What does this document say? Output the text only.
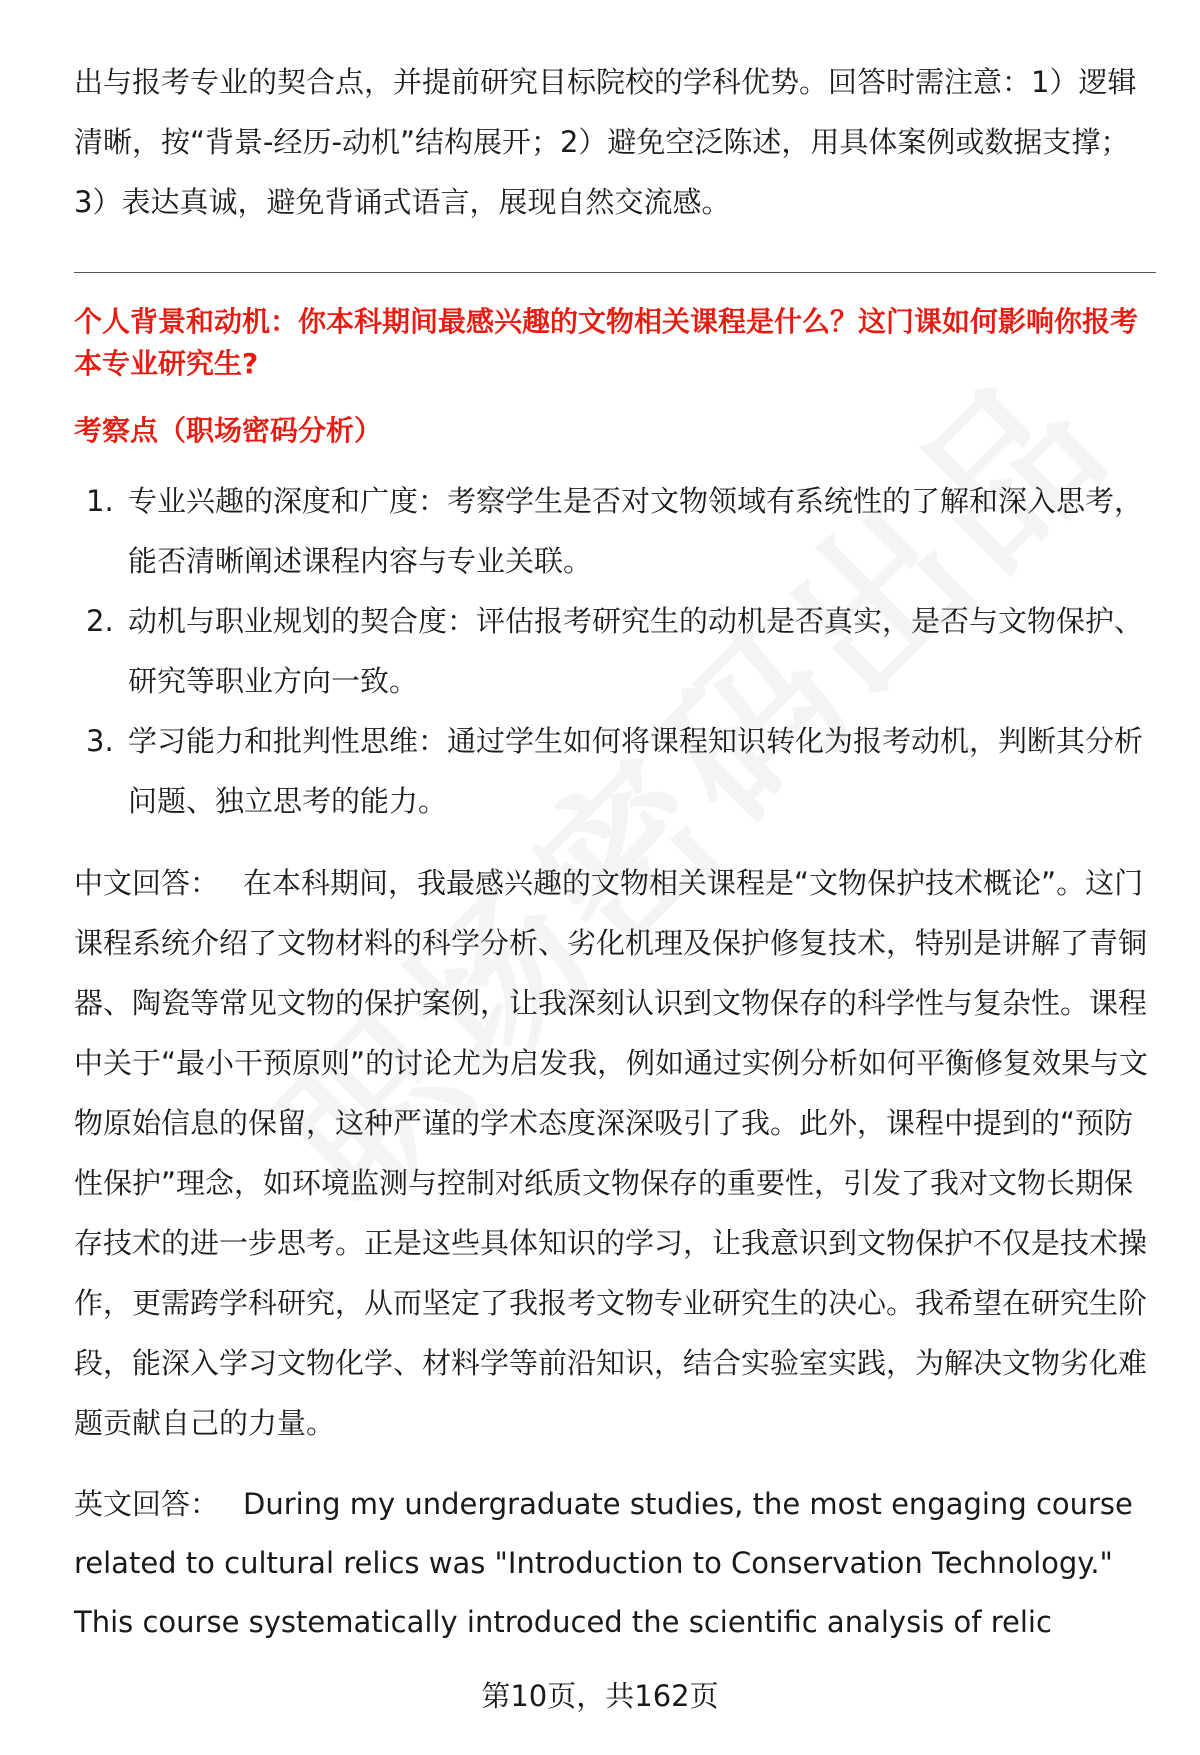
出与报考专业的契合点，并提前研究目标院校的学科优势。回答时需注意：1）逻辑清晰，按“背景-经历-动机”结构展开；2）避免空泛陈述，用具体案例或数据支撑；3）表达真诚，避免背诵式语言，展现自然交流感。

个人背景和动机：你本科期间最感兴趣的文物相关课程是什么？这门课如何影响你报考本专业研究生?

考察点（职场密码分析）

1. 专业兴趣的深度和广度：考察学生是否对文物领域有系统性的了解和深入思考，能否清晰阐述课程内容与专业关联。
2. 动机与职业规划的契合度：评估报考研究生的动机是否真实，是否与文物保护、研究等职业方向一致。
3. 学习能力和批判性思维：通过学生如何将课程知识转化为报考动机，判断其分析问题、独立思考的能力。

中文回答： 在本科期间，我最感兴趣的文物相关课程是“文物保护技术概论”。这门课程系统介绍了文物材料的科学分析、劣化机理及保护修复技术，特别是讲解了青铜器、陶瓷等常见文物的保护案例，让我深刻认识到文物保存的科学性与复杂性。课程中关于“最小干预原则”的讨论尤为启发我，例如通过实例分析如何平衡修复效果与文物原始信息的保留，这种严谨的学术态度深深吸引了我。此外，课程中提到的“预防性保护”理念，如环境监测与控制对纸质文物保存的重要性，引发了我对文物长期保存技术的进一步思考。正是这些具体知识的学习，让我意识到文物保护不仅是技术操作，更需跨学科研究，从而坚定了我报考文物专业研究生的决心。我希望在研究生阶段，能深入学习文物化学、材料学等前沿知识，结合实验室实践，为解决文物劣化难题贡献自己的力量。

英文回答： During my undergraduate studies, the most engaging course related to cultural relics was "Introduction to Conservation Technology." This course systematically introduced the scientific analysis of relic

第10页，共162页
